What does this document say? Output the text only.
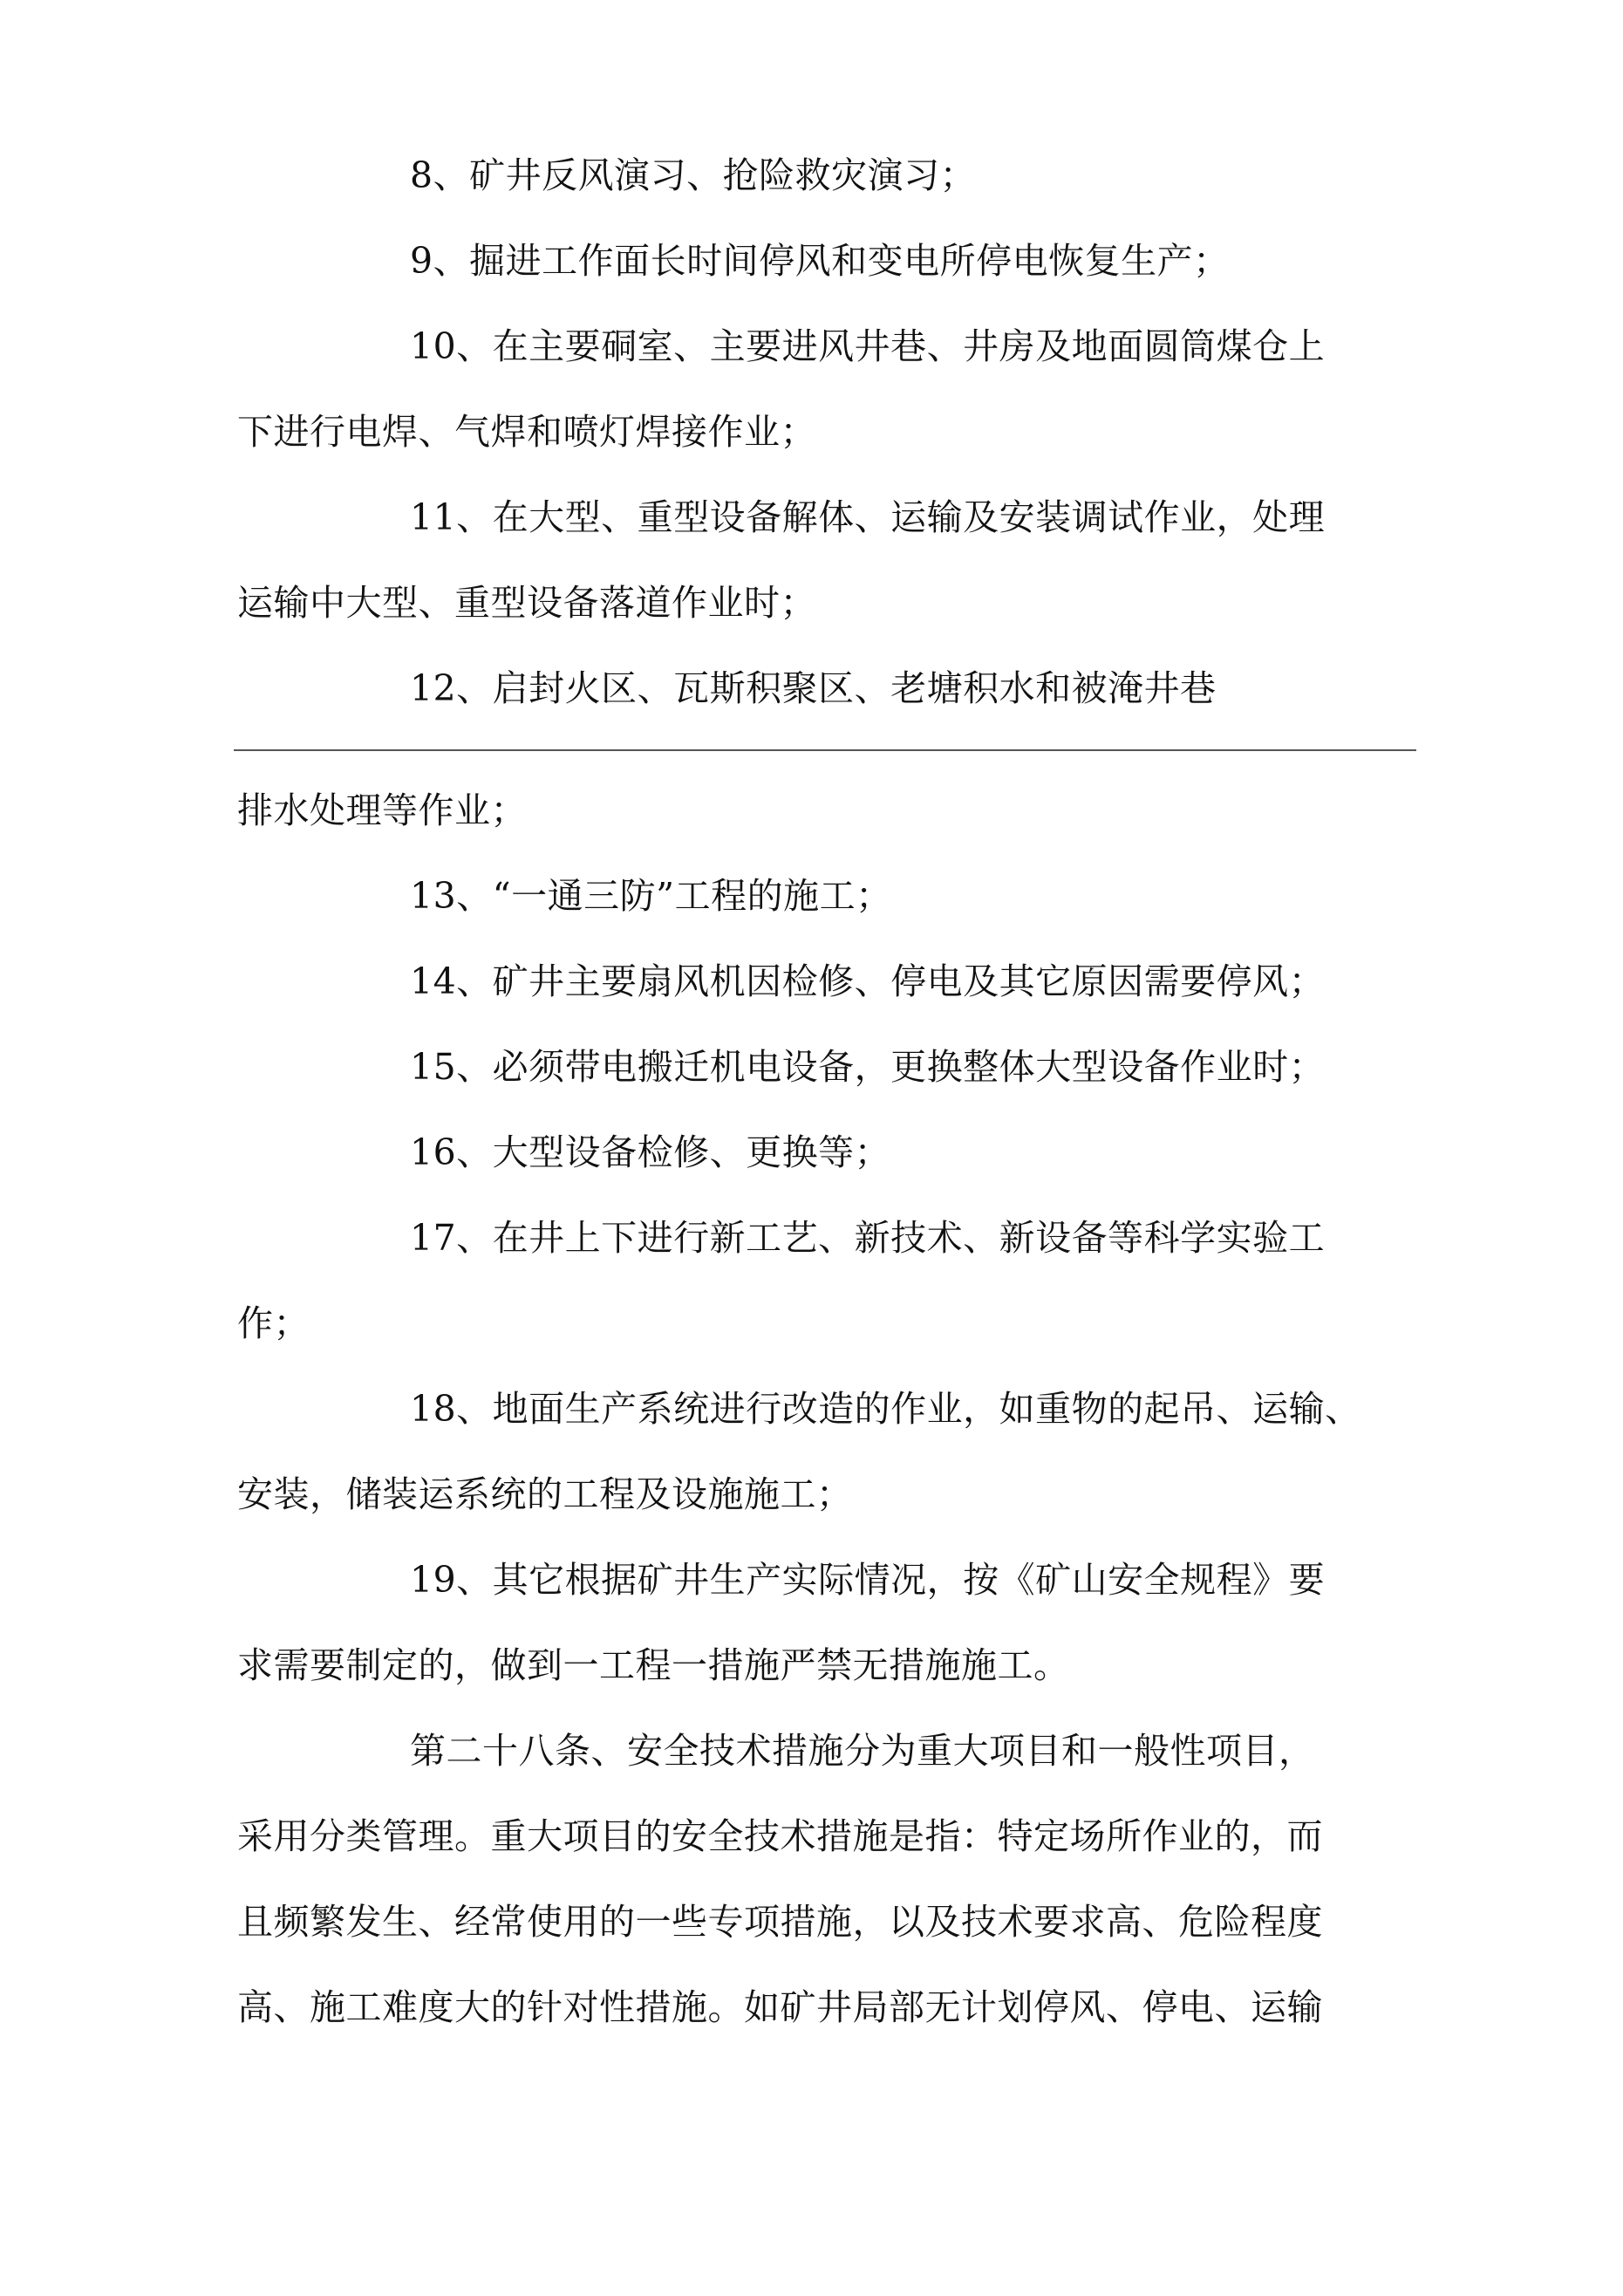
8、矿井反风演习、抢险救灾演习；

9、掘进工作面长时间停风和变电所停电恢复生产；

10、在主要硐室、主要进风井巷、井房及地面圆筒煤仓上

下进行电焊、气焊和喷灯焊接作业；

11、在大型、重型设备解体、运输及安装调试作业，处理

运输中大型、重型设备落道作业时；

12、启封火区、瓦斯积聚区、老塘积水和被淹井巷

排水处理等作业；

13、“一通三防”工程的施工；

14、矿井主要扇风机因检修、停电及其它原因需要停风；

15、必须带电搬迁机电设备，更换整体大型设备作业时；

16、大型设备检修、更换等；

17、在井上下进行新工艺、新技术、新设备等科学实验工

作；

18、地面生产系统进行改造的作业，如重物的起吊、运输、

安装，储装运系统的工程及设施施工；

19、其它根据矿井生产实际情况，按《矿山安全规程》要

求需要制定的，做到一工程一措施严禁无措施施工。

第二十八条、安全技术措施分为重大项目和一般性项目，

采用分类管理。重大项目的安全技术措施是指：特定场所作业的，而

且频繁发生、经常使用的一些专项措施，以及技术要求高、危险程度

高、施工难度大的针对性措施。如矿井局部无计划停风、停电、运输
